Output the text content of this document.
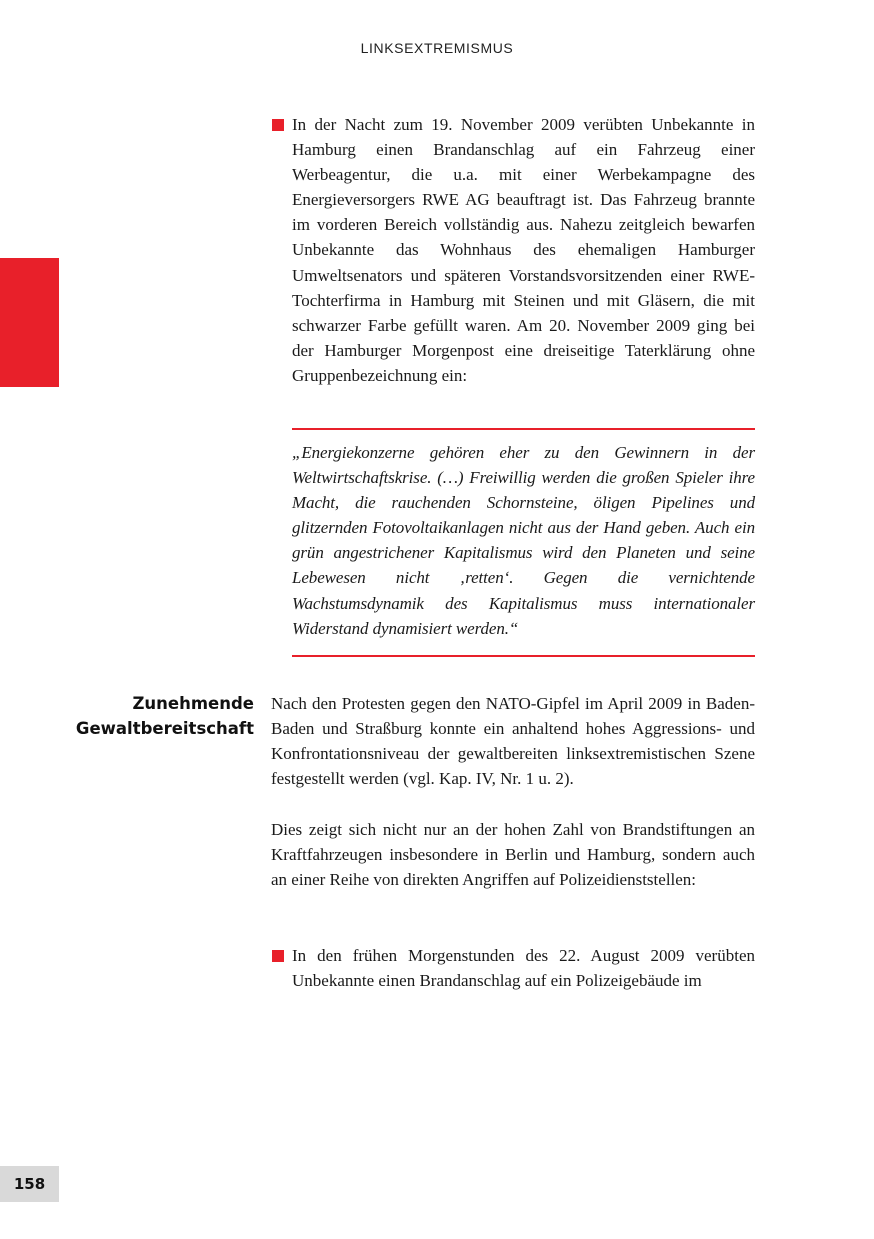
LINKSEXTREMISMUS
In der Nacht zum 19. November 2009 verübten Unbekannte in Hamburg einen Brandanschlag auf ein Fahrzeug einer Werbeagentur, die u.a. mit einer Werbekampagne des Energieversorgers RWE AG beauftragt ist. Das Fahrzeug brannte im vorderen Bereich vollständig aus. Nahezu zeitgleich bewarfen Unbekannte das Wohnhaus des ehemaligen Hamburger Umweltsenators und späteren Vorstandsvorsitzenden einer RWE-Tochterfirma in Hamburg mit Steinen und mit Gläsern, die mit schwarzer Farbe gefüllt waren. Am 20. November 2009 ging bei der Hamburger Morgenpost eine dreiseitige Taterklärung ohne Gruppenbezeichnung ein:
„Energiekonzerne gehören eher zu den Gewinnern in der Weltwirtschaftskrise. (…) Freiwillig werden die großen Spieler ihre Macht, die rauchenden Schornsteine, öligen Pipelines und glitzernden Fotovoltaikanlagen nicht aus der Hand geben. Auch ein grün angestrichener Kapitalismus wird den Planeten und seine Lebewesen nicht ‚retten‘. Gegen die vernichtende Wachstumsdynamik des Kapitalismus muss internationaler Widerstand dynamisiert werden.“
Zunehmende
Gewaltbereitschaft
Nach den Protesten gegen den NATO-Gipfel im April 2009 in Baden-Baden und Straßburg konnte ein anhaltend hohes Aggressions- und Konfrontationsniveau der gewaltbereiten linksextremistischen Szene festgestellt werden (vgl. Kap. IV, Nr. 1 u. 2).
Dies zeigt sich nicht nur an der hohen Zahl von Brandstiftungen an Kraftfahrzeugen insbesondere in Berlin und Hamburg, sondern auch an einer Reihe von direkten Angriffen auf Polizeidienststellen:
In den frühen Morgenstunden des 22. August 2009 verübten Unbekannte einen Brandanschlag auf ein Polizeigebäude im
158
